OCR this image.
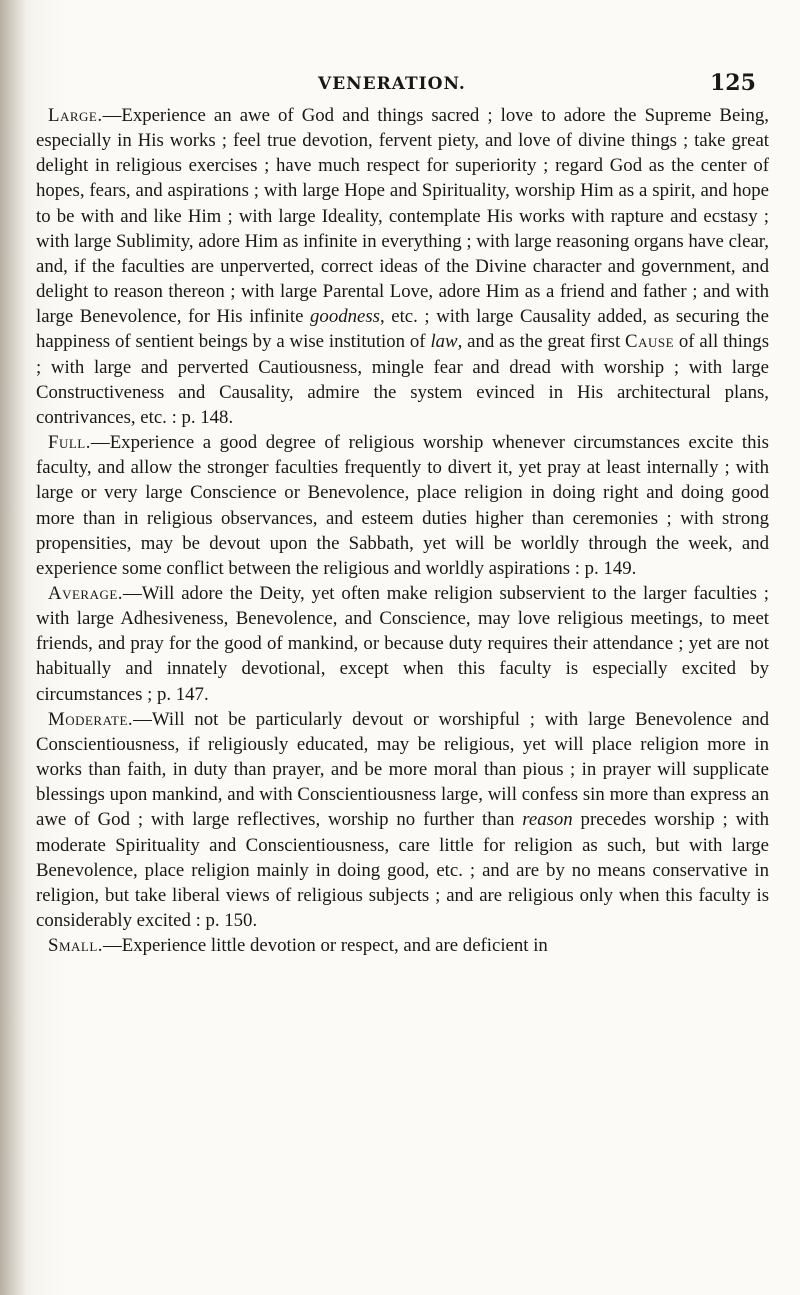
VENERATION.	125

Large.—Experience an awe of God and things sacred ; love to adore the Supreme Being, especially in His works ; feel true devotion, fervent piety, and love of divine things ; take great delight in religious exercises ; have much respect for superiority ; regard God as the center of hopes, fears, and aspirations ; with large Hope and Spirituality, worship Him as a spirit, and hope to be with and like Him ; with large Ideality, contemplate His works with rapture and ecstasy ; with large Sublimity, adore Him as infinite in everything ; with large reasoning organs have clear, and, if the faculties are unperverted, correct ideas of the Divine character and government, and delight to reason thereon ; with large Parental Love, adore Him as a friend and father ; and with large Benevolence, for His infinite goodness, etc. ; with large Causality added, as securing the happiness of sentient beings by a wise institution of law, and as the great first Cause of all things ; with large and perverted Cautiousness, mingle fear and dread with worship ; with large Constructiveness and Causality, admire the system evinced in His architectural plans, contrivances, etc. : p. 148.

Full.—Experience a good degree of religious worship whenever circumstances excite this faculty, and allow the stronger faculties frequently to divert it, yet pray at least internally ; with large or very large Conscience or Benevolence, place religion in doing right and doing good more than in religious observances, and esteem duties higher than ceremonies ; with strong propensities, may be devout upon the Sabbath, yet will be worldly through the week, and experience some conflict between the religious and worldly aspirations : p. 149.

Average.—Will adore the Deity, yet often make religion subservient to the larger faculties ; with large Adhesiveness, Benevolence, and Conscience, may love religious meetings, to meet friends, and pray for the good of mankind, or because duty requires their attendance ; yet are not habitually and innately devotional, except when this faculty is especially excited by circumstances ; p. 147.

Moderate.—Will not be particularly devout or worshipful ; with large Benevolence and Conscientiousness, if religiously educated, may be religious, yet will place religion more in works than faith, in duty than prayer, and be more moral than pious ; in prayer will supplicate blessings upon mankind, and with Conscientiousness large, will confess sin more than express an awe of God ; with large reflectives, worship no further than reason precedes worship ; with moderate Spirituality and Conscientiousness, care little for religion as such, but with large Benevolence, place religion mainly in doing good, etc. ; and are by no means conservative in religion, but take liberal views of religious subjects ; and are religious only when this faculty is considerably excited : p. 150.

Small.—Experience little devotion or respect, and are deficient in
